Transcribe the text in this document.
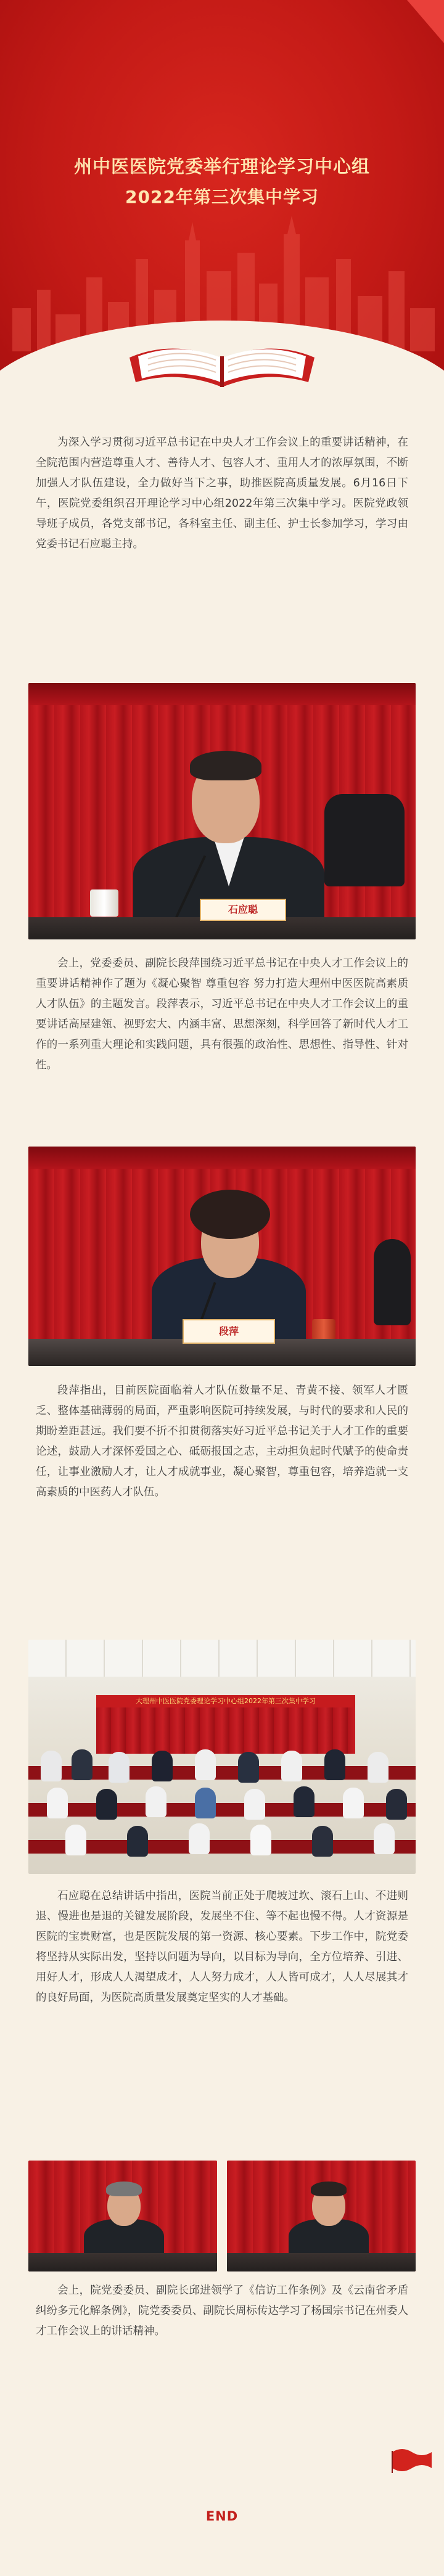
州中医医院党委举行理论学习中心组
2022年第三次集中学习

为深入学习贯彻习近平总书记在中央人才工作会议上的重要讲话精神，在全院范围内营造尊重人才、善待人才、包容人才、重用人才的浓厚氛围，不断加强人才队伍建设，全力做好当下之事，助推医院高质量发展。6月16日下午，医院党委组织召开理论学习中心组2022年第三次集中学习。医院党政领导班子成员，各党支部书记，各科室主任、副主任、护士长参加学习，学习由党委书记石应聪主持。

石应聪

会上，党委委员、副院长段萍围绕习近平总书记在中央人才工作会议上的重要讲话精神作了题为《凝心聚智 尊重包容 努力打造大理州中医医院高素质人才队伍》的主题发言。段萍表示，习近平总书记在中央人才工作会议上的重要讲话高屋建瓴、视野宏大、内涵丰富、思想深刻，科学回答了新时代人才工作的一系列重大理论和实践问题，具有很强的政治性、思想性、指导性、针对性。

段萍

段萍指出，目前医院面临着人才队伍数量不足、青黄不接、领军人才匮乏、整体基础薄弱的局面，严重影响医院可持续发展，与时代的要求和人民的期盼差距甚远。我们要不折不扣贯彻落实好习近平总书记关于人才工作的重要论述，鼓励人才深怀爱国之心、砥砺报国之志，主动担负起时代赋予的使命责任，让事业激励人才，让人才成就事业，凝心聚智，尊重包容，培养造就一支高素质的中医药人才队伍。

大理州中医医院党委理论学习中心组2022年第三次集中学习

石应聪在总结讲话中指出，医院当前正处于爬坡过坎、滚石上山、不进则退、慢进也是退的关键发展阶段，发展坐不住、等不起也慢不得。人才资源是医院的宝贵财富，也是医院发展的第一资源、核心要素。下步工作中，院党委将坚持从实际出发，坚持以问题为导向，以目标为导向，全方位培养、引进、用好人才，形成人人渴望成才，人人努力成才，人人皆可成才，人人尽展其才的良好局面，为医院高质量发展奠定坚实的人才基础。

会上，院党委委员、副院长邱进领学了《信访工作条例》及《云南省矛盾纠纷多元化解条例》，院党委委员、副院长周标传达学习了杨国宗书记在州委人才工作会议上的讲话精神。

END
